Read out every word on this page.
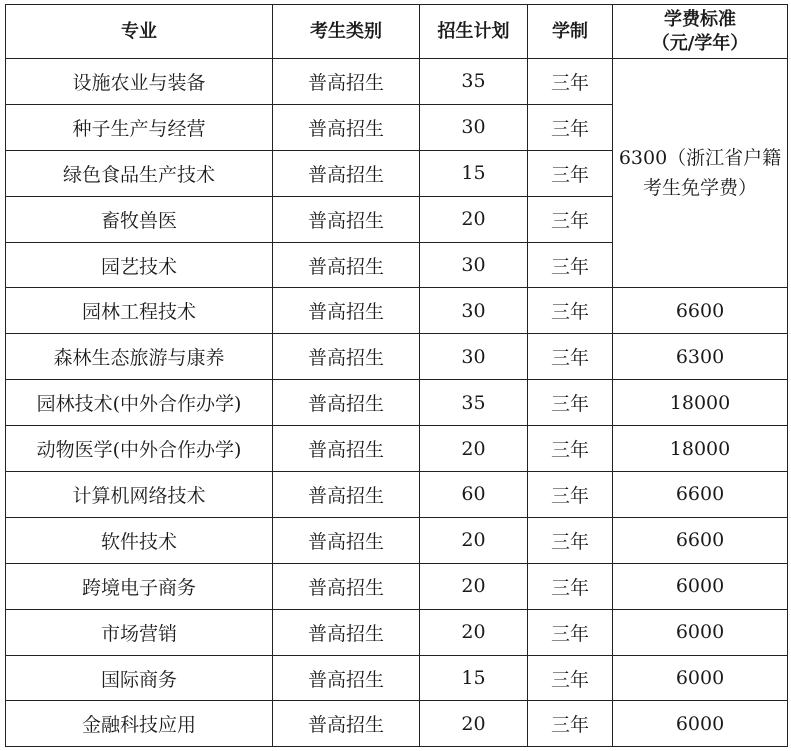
专业	考生类别	招生计划	学制	学费标准
（元/学年）

设施农业与装备	普高招生	35	三年	6300（浙江省户籍考生免学费）
种子生产与经营	普高招生	30	三年	
绿色食品生产技术	普高招生	15	三年	
畜牧兽医	普高招生	20	三年	
园艺技术	普高招生	30	三年	
园林工程技术	普高招生	30	三年	6600
森林生态旅游与康养	普高招生	30	三年	6300
园林技术(中外合作办学)	普高招生	35	三年	18000
动物医学(中外合作办学)	普高招生	20	三年	18000
计算机网络技术	普高招生	60	三年	6600
软件技术	普高招生	20	三年	6600
跨境电子商务	普高招生	20	三年	6000
市场营销	普高招生	20	三年	6000
国际商务	普高招生	15	三年	6000
金融科技应用	普高招生	20	三年	6000
